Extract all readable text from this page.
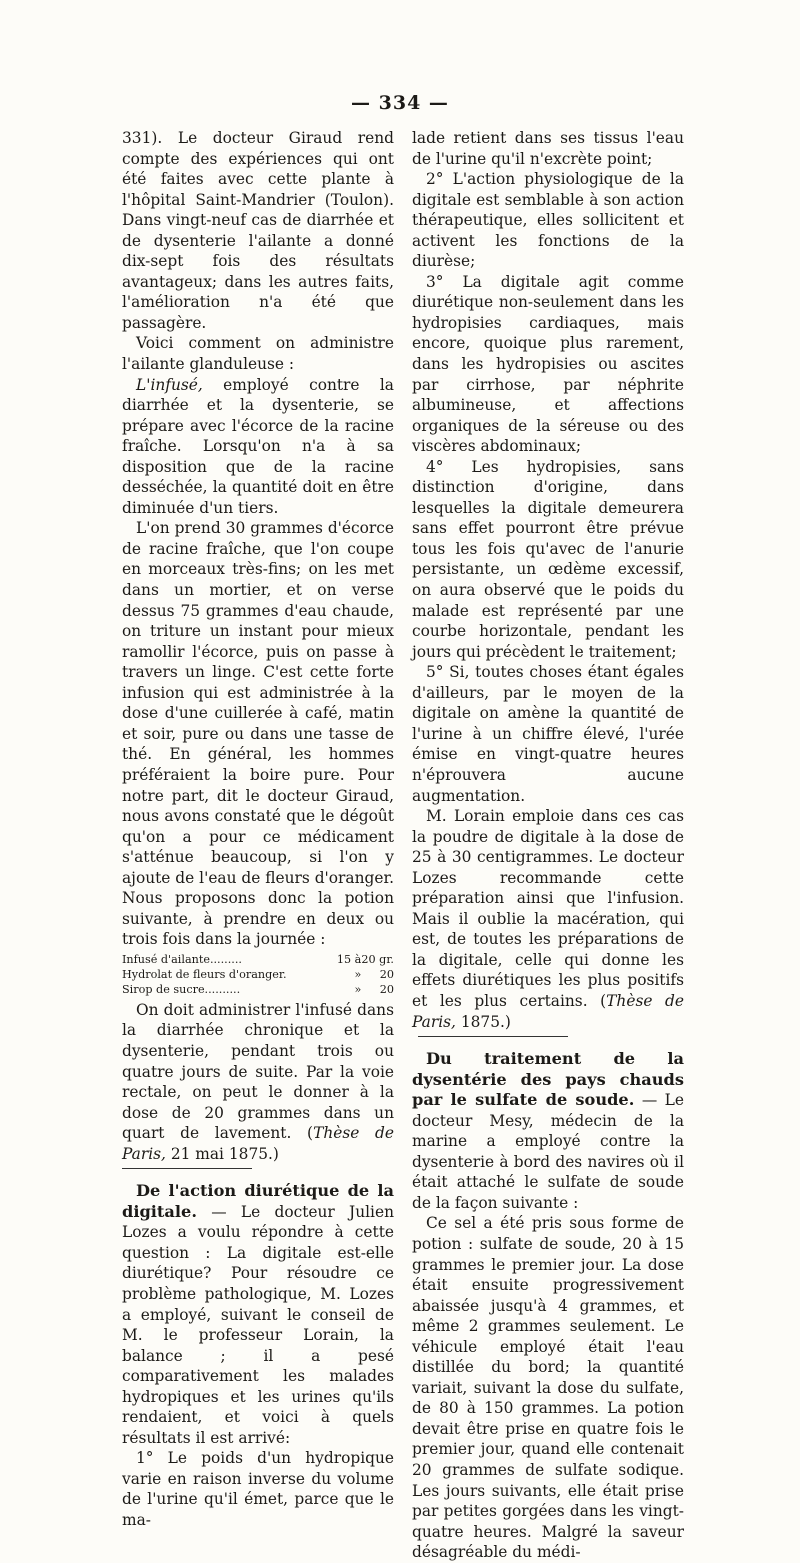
— 334 —

331). Le docteur Giraud rend compte des expériences qui ont été faites avec cette plante à l'hôpital Saint-Mandrier (Toulon). Dans vingt-neuf cas de diarrhée et de dysenterie l'ailante a donné dix-sept fois des résultats avantageux; dans les autres faits, l'amélioration n'a été que passagère.

Voici comment on administre l'ailante glanduleuse :

L'infusé, employé contre la diarrhée et la dysenterie, se prépare avec l'écorce de la racine fraîche. Lorsqu'on n'a à sa disposition que de la racine desséchée, la quantité doit en être diminuée d'un tiers.

L'on prend 30 grammes d'écorce de racine fraîche, que l'on coupe en morceaux très-fins; on les met dans un mortier, et on verse dessus 75 grammes d'eau chaude, on triture un instant pour mieux ramollir l'écorce, puis on passe à travers un linge. C'est cette forte infusion qui est administrée à la dose d'une cuillerée à café, matin et soir, pure ou dans une tasse de thé. En général, les hommes préféraient la boire pure. Pour notre part, dit le docteur Giraud, nous avons constaté que le dégoût qu'on a pour ce médicament s'atténue beaucoup, si l'on y ajoute de l'eau de fleurs d'oranger. Nous proposons donc la potion suivante, à prendre en deux ou trois fois dans la journée :

Infusé d'ailante.........	15 à	20 gr.
Hydrolat de fleurs d'oranger.	»	20
Sirop de sucre..........	»	20

On doit administrer l'infusé dans la diarrhée chronique et la dysenterie, pendant trois ou quatre jours de suite. Par la voie rectale, on peut le donner à la dose de 20 grammes dans un quart de lavement. (Thèse de Paris, 21 mai 1875.)

De l'action diurétique de la digitale. — Le docteur Julien Lozes a voulu répondre à cette question : La digitale est-elle diurétique? Pour résoudre ce problème pathologique, M. Lozes a employé, suivant le conseil de M. le professeur Lorain, la balance ; il a pesé comparativement les malades hydropiques et les urines qu'ils rendaient, et voici à quels résultats il est arrivé:

1° Le poids d'un hydropique varie en raison inverse du volume de l'urine qu'il émet, parce que le ma-

lade retient dans ses tissus l'eau de l'urine qu'il n'excrète point;

2° L'action physiologique de la digitale est semblable à son action thérapeutique, elles sollicitent et activent les fonctions de la diurèse;

3° La digitale agit comme diurétique non-seulement dans les hydropisies cardiaques, mais encore, quoique plus rarement, dans les hydropisies ou ascites par cirrhose, par néphrite albumineuse, et affections organiques de la séreuse ou des viscères abdominaux;

4° Les hydropisies, sans distinction d'origine, dans lesquelles la digitale demeurera sans effet pourront être prévue tous les fois qu'avec de l'anurie persistante, un œdème excessif, on aura observé que le poids du malade est représenté par une courbe horizontale, pendant les jours qui précèdent le traitement;

5° Si, toutes choses étant égales d'ailleurs, par le moyen de la digitale on amène la quantité de l'urine à un chiffre élevé, l'urée émise en vingt-quatre heures n'éprouvera aucune augmentation.

M. Lorain emploie dans ces cas la poudre de digitale à la dose de 25 à 30 centigrammes. Le docteur Lozes recommande cette préparation ainsi que l'infusion. Mais il oublie la macération, qui est, de toutes les préparations de la digitale, celle qui donne les effets diurétiques les plus positifs et les plus certains. (Thèse de Paris, 1875.)

Du traitement de la dysentérie des pays chauds par le sulfate de soude. — Le docteur Mesy, médecin de la marine a employé contre la dysenterie à bord des navires où il était attaché le sulfate de soude de la façon suivante :

Ce sel a été pris sous forme de potion : sulfate de soude, 20 à 15 grammes le premier jour. La dose était ensuite progressivement abaissée jusqu'à 4 grammes, et même 2 grammes seulement. Le véhicule employé était l'eau distillée du bord; la quantité variait, suivant la dose du sulfate, de 80 à 150 grammes. La potion devait être prise en quatre fois le premier jour, quand elle contenait 20 grammes de sulfate sodique. Les jours suivants, elle était prise par petites gorgées dans les vingt-quatre heures. Malgré la saveur désagréable du médi-
